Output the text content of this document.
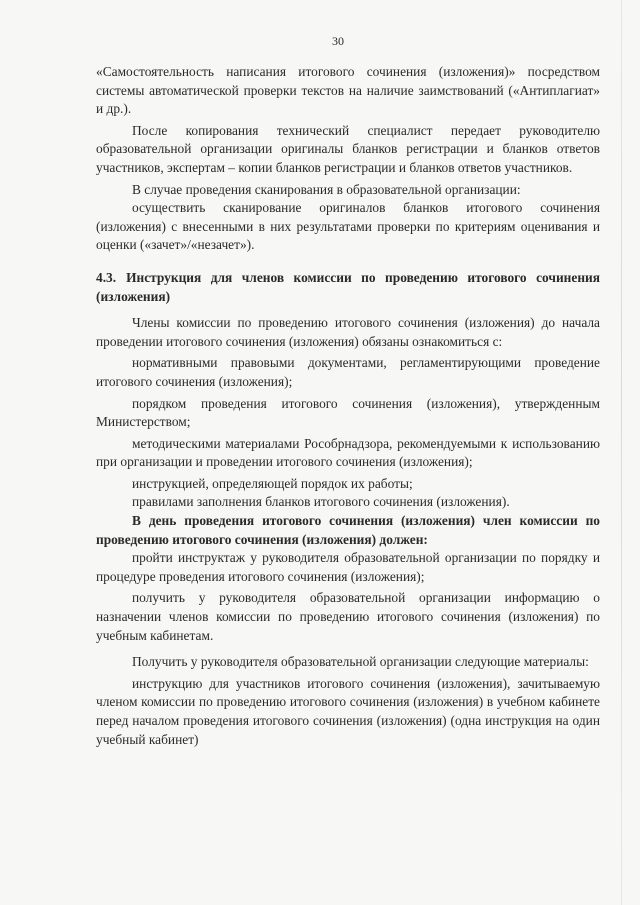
30

«Самостоятельность написания итогового сочинения (изложения)» посредством системы автоматической проверки текстов на наличие заимствований («Антиплагиат» и др.).

После копирования технический специалист передает руководителю образовательной организации оригиналы бланков регистрации и бланков ответов участников, экспертам – копии бланков регистрации и бланков ответов участников.

В случае проведения сканирования в образовательной организации:

осуществить сканирование оригиналов бланков итогового сочинения (изложения) с внесенными в них результатами проверки по критериям оценивания и оценки («зачет»/«незачет»).

4.3. Инструкция для членов комиссии по проведению итогового сочинения (изложения)

Члены комиссии по проведению итогового сочинения (изложения) до начала проведении итогового сочинения (изложения) обязаны ознакомиться с:

нормативными правовыми документами, регламентирующими проведение итогового сочинения (изложения);

порядком проведения итогового сочинения (изложения), утвержденным Министерством;

методическими материалами Рособрнадзора, рекомендуемыми к использованию при организации и проведении итогового сочинения (изложения);

инструкцией, определяющей порядок их работы;

правилами заполнения бланков итогового сочинения (изложения).

В день проведения итогового сочинения (изложения) член комиссии по проведению итогового сочинения (изложения) должен:

пройти инструктаж у руководителя образовательной организации по порядку и процедуре проведения итогового сочинения (изложения);

получить у руководителя образовательной организации информацию о назначении членов комиссии по проведению итогового сочинения (изложения) по учебным кабинетам.

Получить у руководителя образовательной организации следующие материалы:

инструкцию для участников итогового сочинения (изложения), зачитываемую членом комиссии по проведению итогового сочинения (изложения) в учебном кабинете перед началом проведения итогового сочинения (изложения) (одна инструкция на один учебный кабинет)
